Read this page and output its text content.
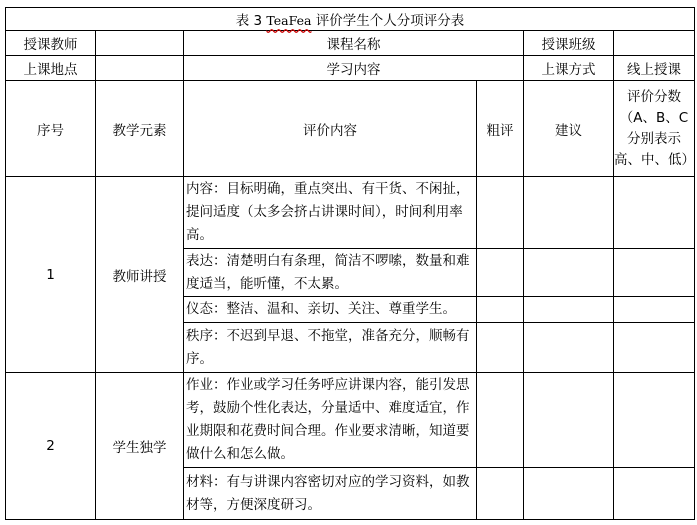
表 3 TeaFea 评价学生个人分项评分表					
授课教师		课程名称		授课班级	
上课地点		学习内容		上课方式	线上授课
序号	教学元素	评价内容	粗评	建议	评价分数
（A、B、C
分别表示
高、中、低）

1	教师讲授	内容：目标明确，重点突出、有干货、不闲扯，提问适度（太多会挤占讲课时间），时间利用率高。			
		表达：清楚明白有条理，简洁不啰嗦，数量和难度适当，能听懂，不太累。			
		仪态：整洁、温和、亲切、关注、尊重学生。			
		秩序：不迟到早退、不拖堂，准备充分，顺畅有序。			
2	学生独学	作业：作业或学习任务呼应讲课内容，能引发思考，鼓励个性化表达，分量适中、难度适宜，作业期限和花费时间合理。作业要求清晰，知道要做什么和怎么做。			
		材料：有与讲课内容密切对应的学习资料，如教材等，方便深度研习。			
